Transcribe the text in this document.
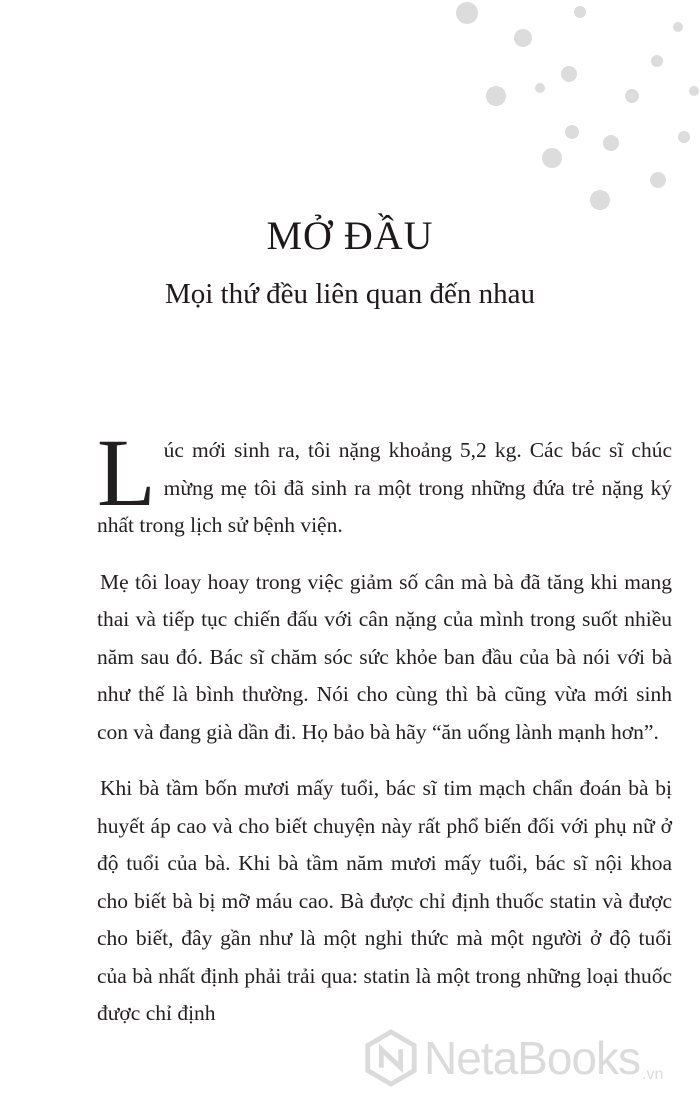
MỞ ĐẦU
Mọi thứ đều liên quan đến nhau

Lúc mới sinh ra, tôi nặng khoảng 5,2 kg. Các bác sĩ chúc mừng mẹ tôi đã sinh ra một trong những đứa trẻ nặng ký nhất trong lịch sử bệnh viện.

Mẹ tôi loay hoay trong việc giảm số cân mà bà đã tăng khi mang thai và tiếp tục chiến đấu với cân nặng của mình trong suốt nhiều năm sau đó. Bác sĩ chăm sóc sức khỏe ban đầu của bà nói với bà như thế là bình thường. Nói cho cùng thì bà cũng vừa mới sinh con và đang già dần đi. Họ bảo bà hãy “ăn uống lành mạnh hơn”.

Khi bà tầm bốn mươi mấy tuổi, bác sĩ tim mạch chẩn đoán bà bị huyết áp cao và cho biết chuyện này rất phổ biến đối với phụ nữ ở độ tuổi của bà. Khi bà tầm năm mươi mấy tuổi, bác sĩ nội khoa cho biết bà bị mỡ máu cao. Bà được chỉ định thuốc statin và được cho biết, đây gần như là một nghi thức mà một người ở độ tuổi của bà nhất định phải trải qua: statin là một trong những loại thuốc được chỉ định

NetaBooks .vn
